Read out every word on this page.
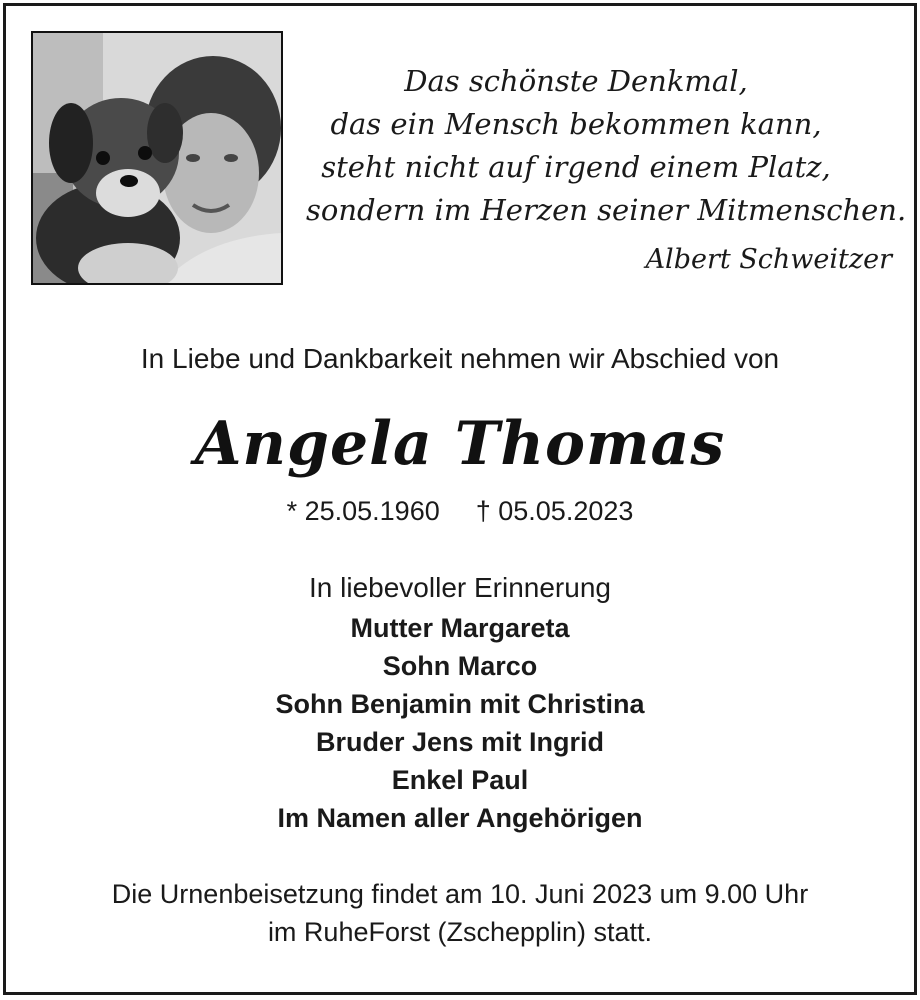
Das schönste Denkmal,
das ein Mensch bekommen kann,
steht nicht auf irgend einem Platz,
sondern im Herzen seiner Mitmenschen.
Albert Schweitzer
In Liebe und Dankbarkeit nehmen wir Abschied von
Angela Thomas
* 25.05.1960 † 05.05.2023
In liebevoller Erinnerung
Mutter Margareta
Sohn Marco
Sohn Benjamin mit Christina
Bruder Jens mit Ingrid
Enkel Paul
Im Namen aller Angehörigen
Die Urnenbeisetzung findet am 10. Juni 2023 um 9.00 Uhr
im RuheForst (Zschepplin) statt.
